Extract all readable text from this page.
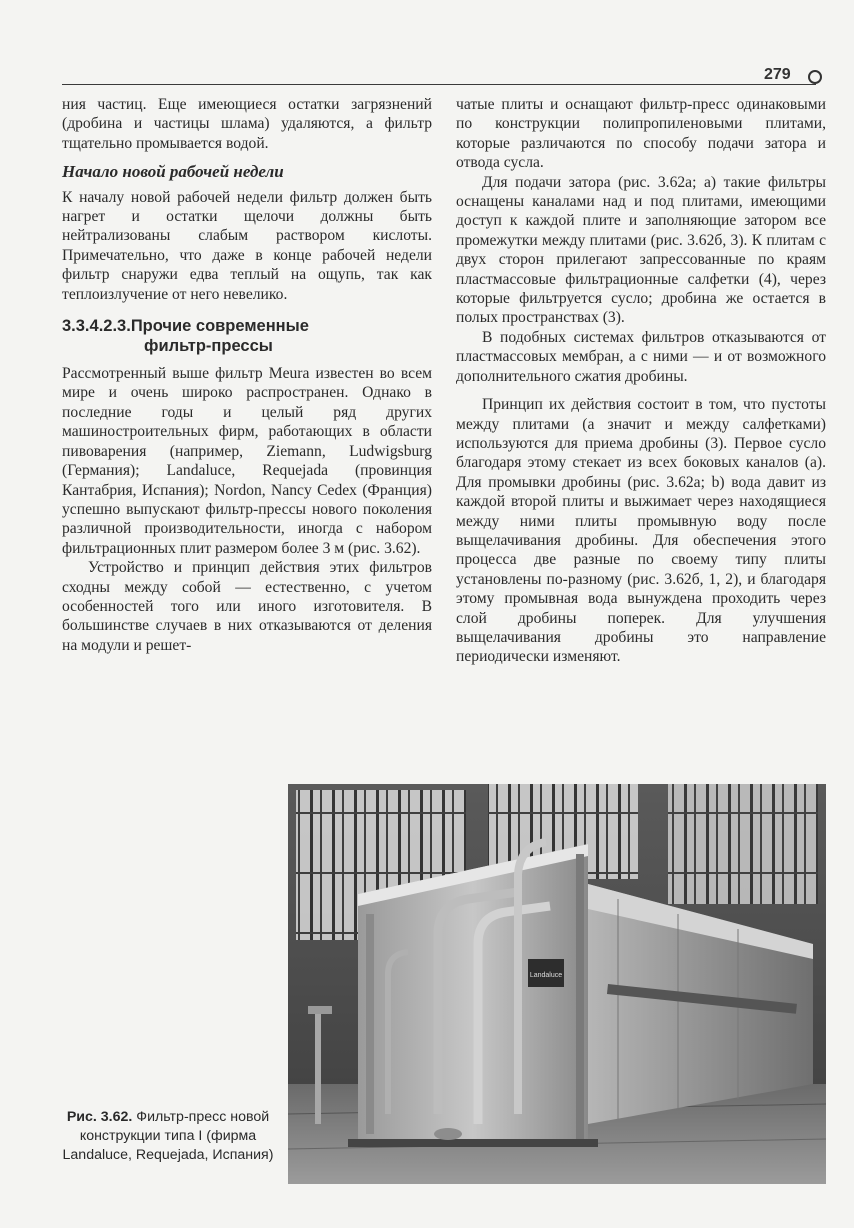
279

ния частиц. Еще имеющиеся остатки загрязнений (дробина и частицы шлама) удаляются, а фильтр тщательно промывается водой.

Начало новой рабочей недели

К началу новой рабочей недели фильтр должен быть нагрет и остатки щелочи должны быть нейтрализованы слабым раствором кислоты. Примечательно, что даже в конце рабочей недели фильтр снаружи едва теплый на ощупь, так как теплоизлучение от него невелико.

3.3.4.2.3.Прочие современные
фильтр-прессы

Рассмотренный выше фильтр Meura известен во всем мире и очень широко распространен. Однако в последние годы и целый ряд других машиностроительных фирм, работающих в области пивоварения (например, Ziemann, Ludwigsburg (Германия); Landaluce, Requejada (провинция Кантабрия, Испания); Nordon, Nancy Cedex (Франция) успешно выпускают фильтр-прессы нового поколения различной производительности, иногда с набором фильтрационных плит размером более 3 м (рис. 3.62).

Устройство и принцип действия этих фильтров сходны между собой — естественно, с учетом особенностей того или иного изготовителя. В большинстве случаев в них отказываются от деления на модули и решет-

чатые плиты и оснащают фильтр-пресс одинаковыми по конструкции полипропиленовыми плитами, которые различаются по способу подачи затора и отвода сусла.

Для подачи затора (рис. 3.62а; a) такие фильтры оснащены каналами над и под плитами, имеющими доступ к каждой плите и заполняющие затором все промежутки между плитами (рис. 3.62б, 3). К плитам с двух сторон прилегают запрессованные по краям пластмассовые фильтрационные салфетки (4), через которые фильтруется сусло; дробина же остается в полых пространствах (3).

В подобных системах фильтров отказываются от пластмассовых мембран, а с ними — и от возможного дополнительного сжатия дробины.

Принцип их действия состоит в том, что пустоты между плитами (а значит и между салфетками) используются для приема дробины (3). Первое сусло благодаря этому стекает из всех боковых каналов (a). Для промывки дробины (рис. 3.62а; b) вода давит из каждой второй плиты и выжимает через находящиеся между ними плиты промывную воду после выщелачивания дробины. Для обеспечения этого процесса две разные по своему типу плиты установлены по-разному (рис. 3.62б, 1, 2), и благодаря этому промывная вода вынуждена проходить через слой дробины поперек. Для улучшения выщелачивания дробины это направление периодически изменяют.

Landaluce
Рис. 3.62. Фильтр-пресс новой конструкции типа I (фирма Landaluce, Requejada, Испания)
